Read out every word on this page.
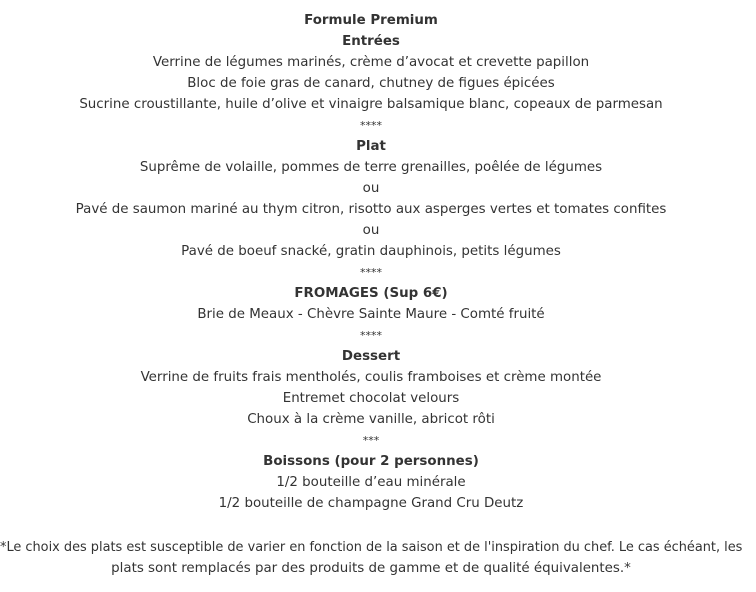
Formule Premium
Entrées
Verrine de légumes marinés, crème d’avocat et crevette papillon
Bloc de foie gras de canard, chutney de figues épicées
Sucrine croustillante, huile d’olive et vinaigre balsamique blanc, copeaux de parmesan
****
Plat
Suprême de volaille, pommes de terre grenailles, poêlée de légumes
ou
Pavé de saumon mariné au thym citron, risotto aux asperges vertes et tomates confites
ou
Pavé de boeuf snacké, gratin dauphinois, petits légumes
****
FROMAGES (Sup 6€)
Brie de Meaux - Chèvre Sainte Maure - Comté fruité
****
Dessert
Verrine de fruits frais mentholés, coulis framboises et crème montée
Entremet chocolat velours
Choux à la crème vanille, abricot rôti
***
Boissons (pour 2 personnes)
1/2 bouteille d’eau minérale
1/2 bouteille de champagne Grand Cru Deutz
*Le choix des plats est susceptible de varier en fonction de la saison et de l'inspiration du chef. Le cas échéant, les
plats sont remplacés par des produits de gamme et de qualité équivalentes.*
